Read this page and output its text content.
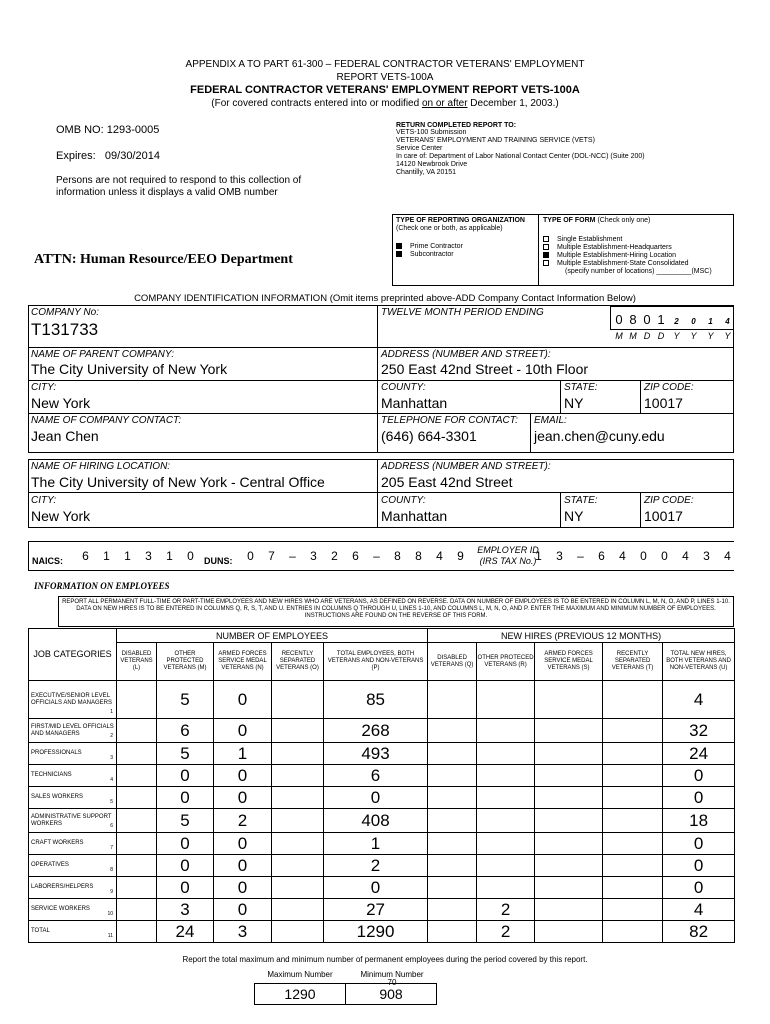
APPENDIX A TO PART 61-300 – FEDERAL CONTRACTOR VETERANS' EMPLOYMENT
REPORT VETS-100A
FEDERAL CONTRACTOR VETERANS' EMPLOYMENT REPORT VETS-100A
(For covered contracts entered into or modified on or after December 1, 2003.)
OMB NO: 1293-0005
Expires:   09/30/2014
Persons are not required to respond to this collection of information unless it displays a valid OMB number
RETURN COMPLETED REPORT TO:
VETS-100 Submission
VETERANS' EMPLOYMENT AND TRAINING SERVICE (VETS)
Service Center
In care of: Department of Labor National Contact Center (DOL-NCC) (Suite 200)
14120 Newbrook Drive
Chantilly, VA 20151
ATTN: Human Resource/EEO Department
TYPE OF REPORTING ORGANIZATION (Check one or both, as applicable)
Prime Contractor
Subcontractor
TYPE OF FORM (Check only one)
Single Establishment
Multiple Establishment-Headquarters
Multiple Establishment-Hiring Location
Multiple Establishment-State Consolidated
(specify number of locations) _________(MSC)
COMPANY IDENTIFICATION INFORMATION (Omit items preprinted above-ADD Company Contact Information Below)
COMPANY No:
T131733
TWELVE MONTH PERIOD ENDING	0 8 0 1 2 0 1 4
M M D D Y Y Y Y
NAME OF PARENT COMPANY:
The City University of New York
ADDRESS (NUMBER AND STREET):
250 East 42nd Street - 10th Floor
CITY:
New York
COUNTY:
Manhattan
STATE:
NY
ZIP CODE:
10017
NAME OF COMPANY CONTACT:
Jean Chen
TELEPHONE FOR CONTACT:
(646) 664-3301
EMAIL:
jean.chen@cuny.edu
NAME OF HIRING LOCATION:
The City University of New York - Central Office
ADDRESS (NUMBER AND STREET):
205 East 42nd Street
CITY:
New York
COUNTY:
Manhattan
STATE:
NY
ZIP CODE:
10017
NAICS:	6 1 1 3 1 0	DUNS:	0 7 – 3 2 6 – 8 8 4 9	EMPLOYER ID
(IRS TAX No.)
1 3 – 6 4 0 0 4 3 4
INFORMATION ON EMPLOYEES
REPORT ALL PERMANENT FULL-TIME OR PART-TIME EMPLOYEES AND NEW HIRES WHO ARE VETERANS, AS DEFINED ON REVERSE. DATA ON NUMBER OF EMPLOYEES IS TO BE ENTERED IN COLUMN L, M, N, O, AND P, LINES 1-10. DATA ON NEW HIRES IS TO BE ENTERED IN COLUMNS Q, R, S, T, AND U. ENTRIES IN COLUMNS Q THROUGH U, LINES 1-10, AND COLUMNS L, M, N, O, AND P. ENTER THE MAXIMUM AND MINIMUM NUMBER OF EMPLOYEES. INSTRUCTIONS ARE FOUND ON THE REVERSE OF THIS FORM.
JOB CATEGORIES	NUMBER OF EMPLOYEES					NEW HIRES (PREVIOUS 12 MONTHS)				
	DISABLED VETERANS (L)	OTHER PROTECTED VETERANS (M)	ARMED FORCES SERVICE MEDAL VETERANS (N)	RECENTLY SEPARATED VETERANS (O)	TOTAL EMPLOYEES, BOTH VETERANS AND NON-VETERANS (P)	DISABLED VETERANS (Q)	OTHER PROTECED VETERANS (R)	ARMED FORCES SERVICE MEDAL VETERANS (S)	RECENTLY SEPARATED VETERANS (T)	TOTAL NEW HIRES, BOTH VETERANS AND NON-VETERANS (U)
EXECUTIVE/SENIOR LEVEL OFFICIALS AND MANAGERS
1		5	0		85					4
FIRST/MID LEVEL OFFICIALS AND MANAGERS 2		6	0		268					32
PROFESSIONALS
3		5	1		493					24
TECHNICIANS
4		0	0		6					0
SALES WORKERS
5		0	0		0					0
ADMINISTRATIVE SUPPORT WORKERS 6		5	2		408					18
CRAFT WORKERS
7		0	0		1					0
OPERATIVES
8		0	0		2					0
LABORERS/HELPERS
9		0	0		0					0
SERVICE WORKERS
10		3	0		27		2			4
TOTAL
11		24	3		1290		2			82
Report the total maximum and minimum number of permanent employees during the period covered by this report.
Maximum Number	Minimum Number
70
1290	908
